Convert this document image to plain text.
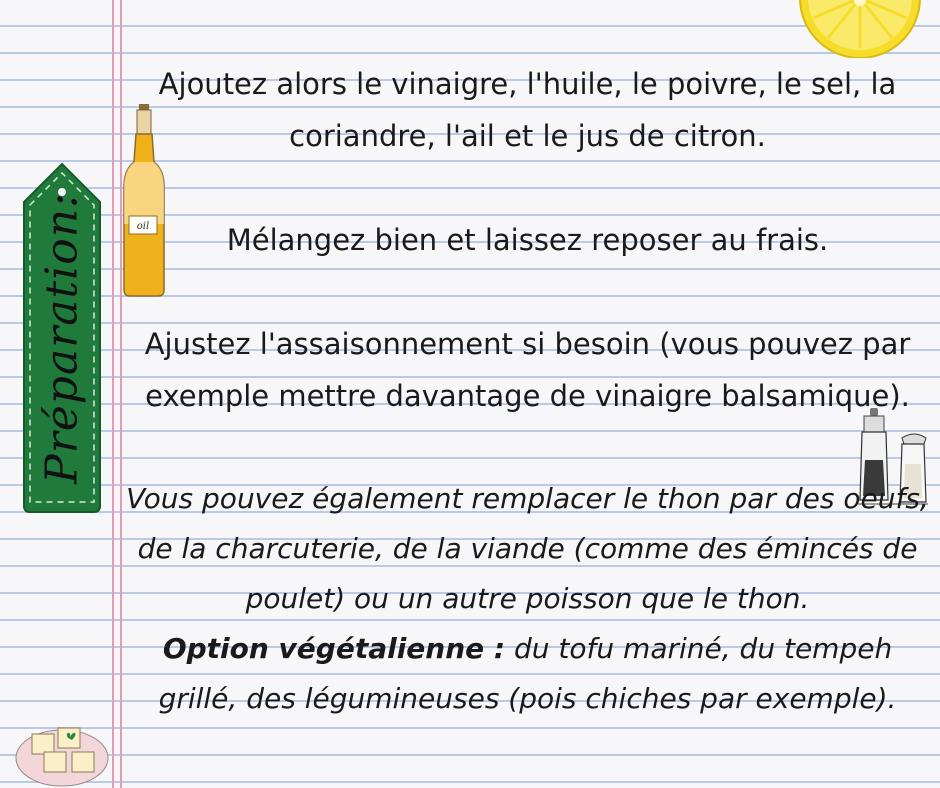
oil
Préparation:

Ajoutez alors le vinaigre, l'huile, le poivre, le sel, la coriandre, l'ail et le jus de citron.

Mélangez bien et laissez reposer au frais.

Ajustez l'assaisonnement si besoin (vous pouvez par exemple mettre davantage de vinaigre balsamique).

Vous pouvez également remplacer le thon par des oeufs, de la charcuterie, de la viande (comme des émincés de poulet) ou un autre poisson que le thon.

Option végétalienne : du tofu mariné, du tempeh grillé, des légumineuses (pois chiches par exemple).
